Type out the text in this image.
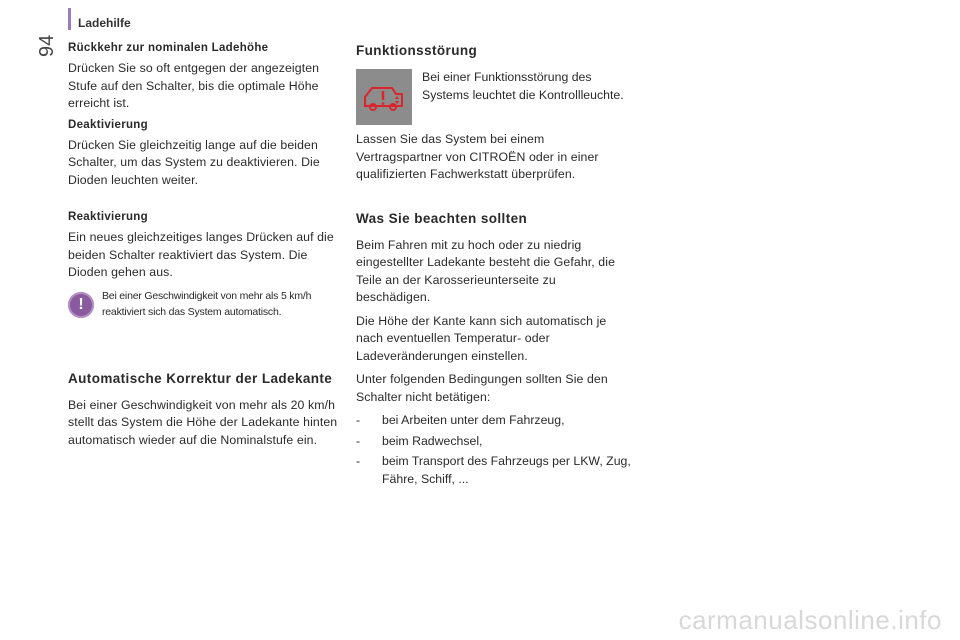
94
Ladehilfe
Rückkehr zur nominalen Ladehöhe
Drücken Sie so oft entgegen der angezeigten Stufe auf den Schalter, bis die optimale Höhe erreicht ist.
Deaktivierung
Drücken Sie gleichzeitig lange auf die beiden Schalter, um das System zu deaktivieren. Die Dioden leuchten weiter.
Reaktivierung
Ein neues gleichzeitiges langes Drücken auf die beiden Schalter reaktiviert das System. Die Dioden gehen aus.
!	Bei einer Geschwindigkeit von mehr als 5 km/h reaktiviert sich das System automatisch.
Automatische Korrektur der Ladekante
Bei einer Geschwindigkeit von mehr als 20 km/h stellt das System die Höhe der Ladekante hinten automatisch wieder auf die Nominalstufe ein.
Funktionsstörung
Bei einer Funktionsstörung des Systems leuchtet die Kontrollleuchte.
Lassen Sie das System bei einem Vertragspartner von CITROËN oder in einer qualifizierten Fachwerkstatt überprüfen.
Was Sie beachten sollten
Beim Fahren mit zu hoch oder zu niedrig eingestellter Ladekante besteht die Gefahr, die Teile an der Karosserieunterseite zu beschädigen.
Die Höhe der Kante kann sich automatisch je nach eventuellen Temperatur- oder Ladeveränderungen einstellen.
Unter folgenden Bedingungen sollten Sie den Schalter nicht betätigen:
- bei Arbeiten unter dem Fahrzeug,
- beim Radwechsel,
- beim Transport des Fahrzeugs per LKW, Zug, Fähre, Schiff, ...
carmanualsonline.info
